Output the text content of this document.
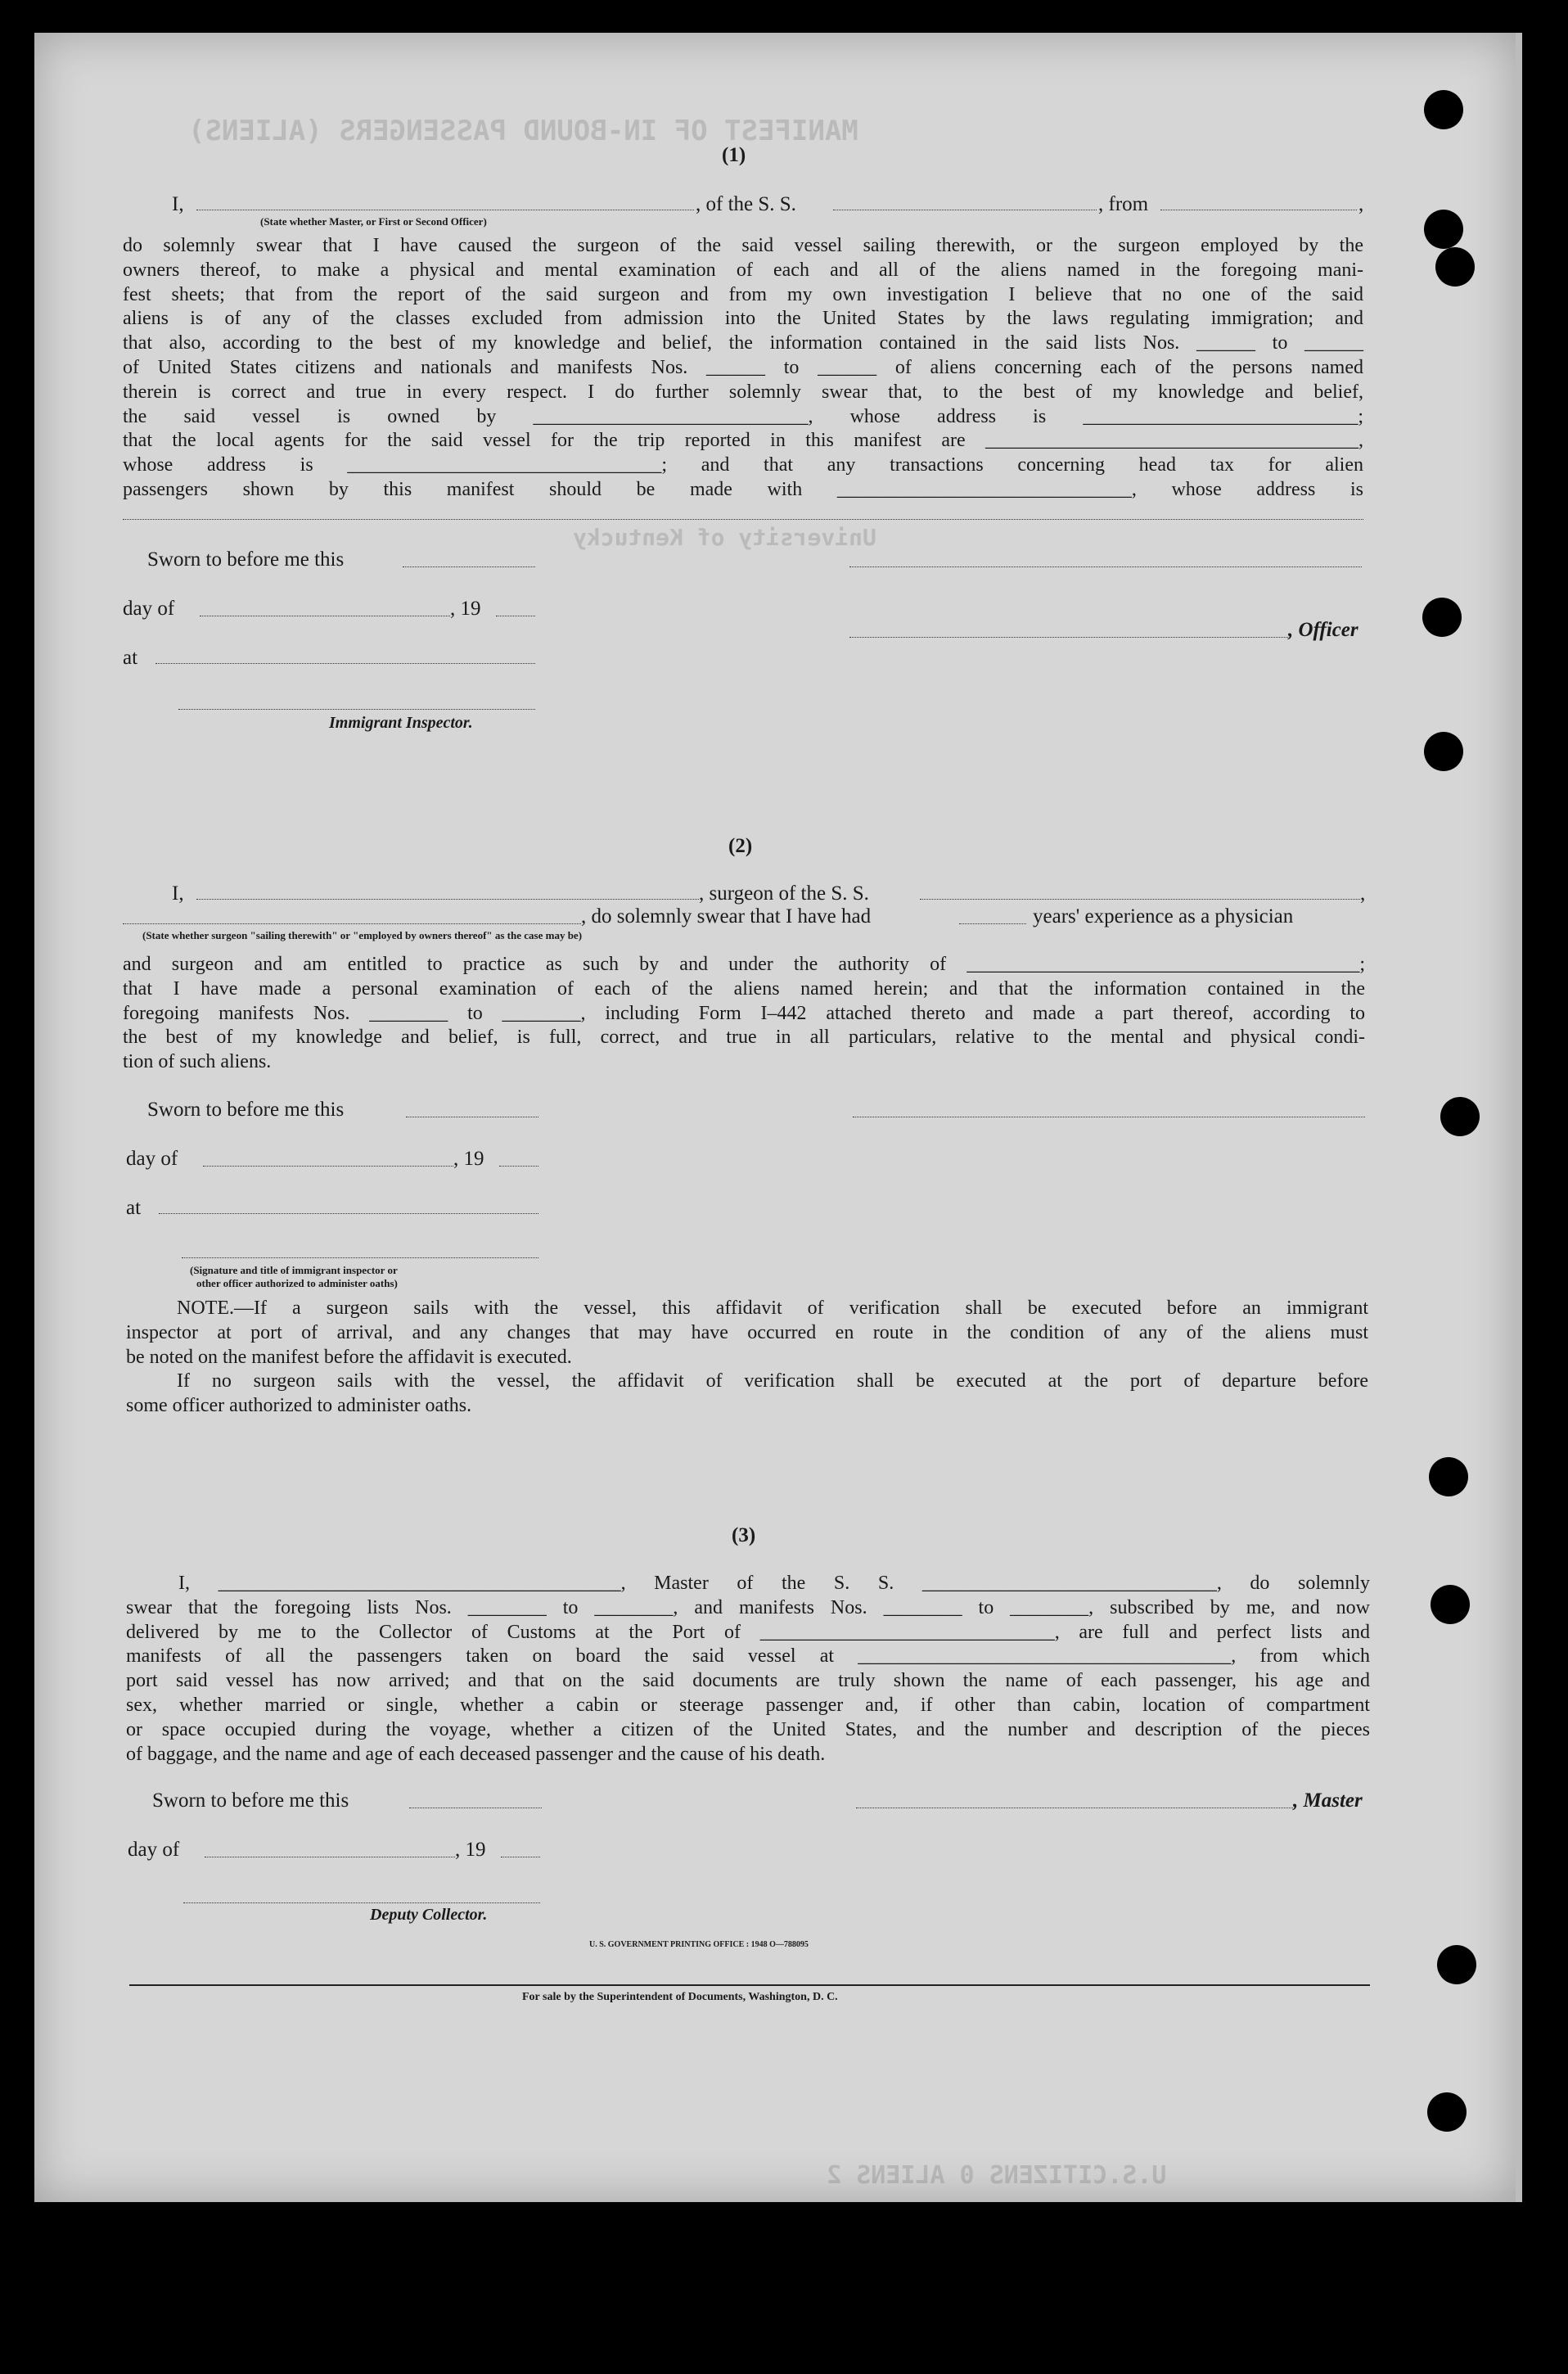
MANIFEST OF IN-BOUND PASSENGERS (ALIENS)
University of Kentucky
U.S.CITIZENS 0 ALIENS 2
(1)
I,	, of the S. S.	, from	,
(State whether Master, or First or Second Officer)

do solemnly swear that I have caused the surgeon of the said vessel sailing therewith, or the surgeon employed by the

owners thereof, to make a physical and mental examination of each and all of the aliens named in the foregoing mani-

fest sheets; that from the report of the said surgeon and from my own investigation I believe that no one of the said

aliens is of any of the classes excluded from admission into the United States by the laws regulating immigration; and

that also, according to the best of my knowledge and belief, the information contained in the said lists Nos. ______ to ______

of United States citizens and nationals and manifests Nos. ______ to ______ of aliens concerning each of the persons named

therein is correct and true in every respect. I do further solemnly swear that, to the best of my knowledge and belief,

the said vessel is owned by ____________________________, whose address is ____________________________;

that the local agents for the said vessel for the trip reported in this manifest are ______________________________________,

whose address is ________________________________; and that any transactions concerning head tax for alien

passengers shown by this manifest should be made with ______________________________, whose address is

Sworn to before me this
day of	, 19
, Officer
at
Immigrant Inspector.
(2)
I,	, surgeon of the S. S.	,
, do solemnly swear that I have had	years' experience as a physician
(State whether surgeon "sailing therewith" or "employed by owners thereof" as the case may be)

and surgeon and am entitled to practice as such by and under the authority of ________________________________________;

that I have made a personal examination of each of the aliens named herein; and that the information contained in the

foregoing manifests Nos. ________ to ________, including Form I–442 attached thereto and made a part thereof, according to

the best of my knowledge and belief, is full, correct, and true in all particulars, relative to the mental and physical condi-

tion of such aliens.

Sworn to before me this
day of	, 19
at
(Signature and title of immigrant inspector or
other officer authorized to administer oaths)

NOTE.—If a surgeon sails with the vessel, this affidavit of verification shall be executed before an immigrant

inspector at port of arrival, and any changes that may have occurred en route in the condition of any of the aliens must

be noted on the manifest before the affidavit is executed.

If no surgeon sails with the vessel, the affidavit of verification shall be executed at the port of departure before

some officer authorized to administer oaths.

(3)

I, _________________________________________, Master of the S. S. ______________________________, do solemnly

swear that the foregoing lists Nos. ________ to ________, and manifests Nos. ________ to ________, subscribed by me, and now

delivered by me to the Collector of Customs at the Port of ______________________________, are full and perfect lists and

manifests of all the passengers taken on board the said vessel at ______________________________________, from which

port said vessel has now arrived; and that on the said documents are truly shown the name of each passenger, his age and

sex, whether married or single, whether a cabin or steerage passenger and, if other than cabin, location of compartment

or space occupied during the voyage, whether a citizen of the United States, and the number and description of the pieces

of baggage, and the name and age of each deceased passenger and the cause of his death.

Sworn to before me this	, Master
day of	, 19
Deputy Collector.
U. S. GOVERNMENT PRINTING OFFICE : 1948 O—788095
For sale by the Superintendent of Documents, Washington, D. C.
